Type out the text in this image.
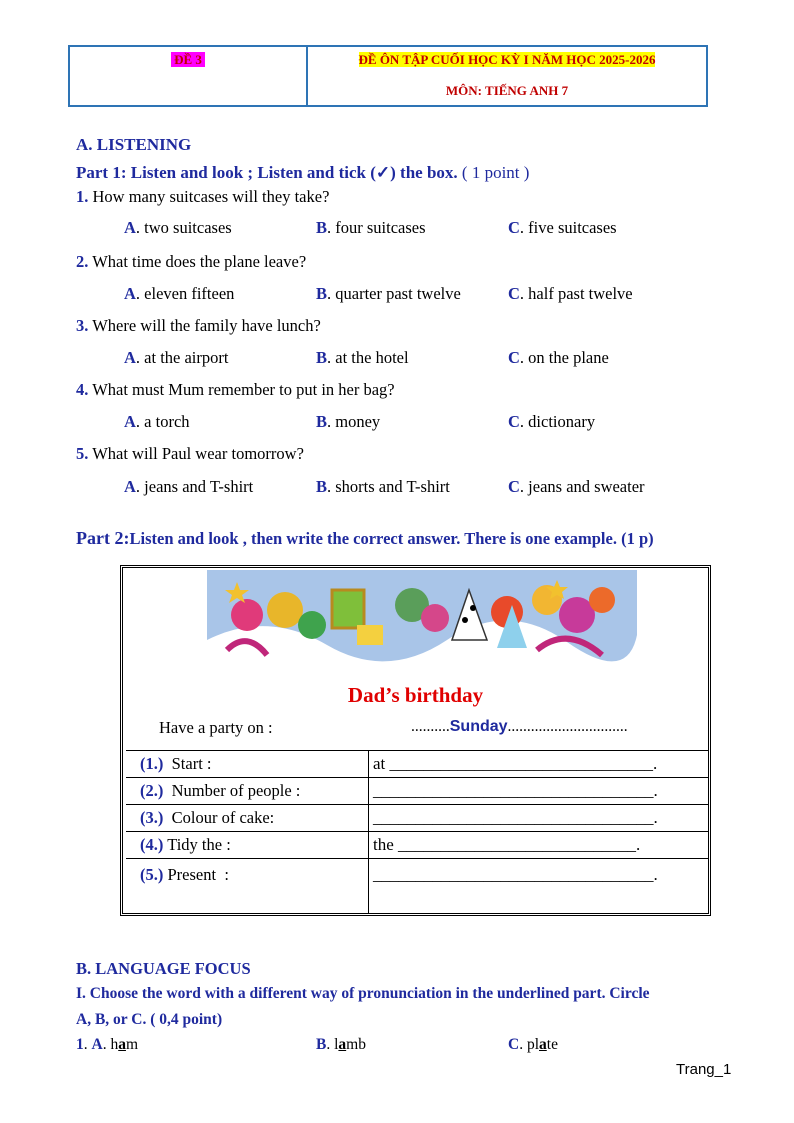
ĐỀ 3	ĐỀ ÔN TẬP CUỐI HỌC KỲ I NĂM HỌC 2025-2026
MÔN: TIẾNG ANH 7
A. LISTENING
Part 1: Listen and look ; Listen and tick (✓) the box. ( 1 point )
1. How many suitcases will they take?
A. two suitcases	B. four suitcases	C. five suitcases
2. What time does the plane leave?
A. eleven fifteen	B. quarter past twelve	C. half past twelve
3. Where will the family have lunch?
A. at the airport	B. at the hotel	C. on the plane
4. What must Mum remember to put in her bag?
A. a torch	B. money	C. dictionary
5. What will Paul wear tomorrow?
A. jeans and T-shirt	B. shorts and T-shirt	C. jeans and sweater
Part 2:Listen and look , then write the correct answer. There is one example. (1 p)
Dad’s birthday
Have a party on :	..........Sunday...............................
(1.)  Start :	at _______________________________.
(2.)  Number of people :	_________________________________.
(3.)  Colour of cake:	_________________________________.
(4.) Tidy the :	the ____________________________.
(5.) Present  :	_________________________________.
B. LANGUAGE FOCUS
I. Choose the word with a different way of pronunciation in the underlined part. Circle
A, B, or C. ( 0,4 point)
1. A. ham	B. lamb	C. plate
Trang_1
